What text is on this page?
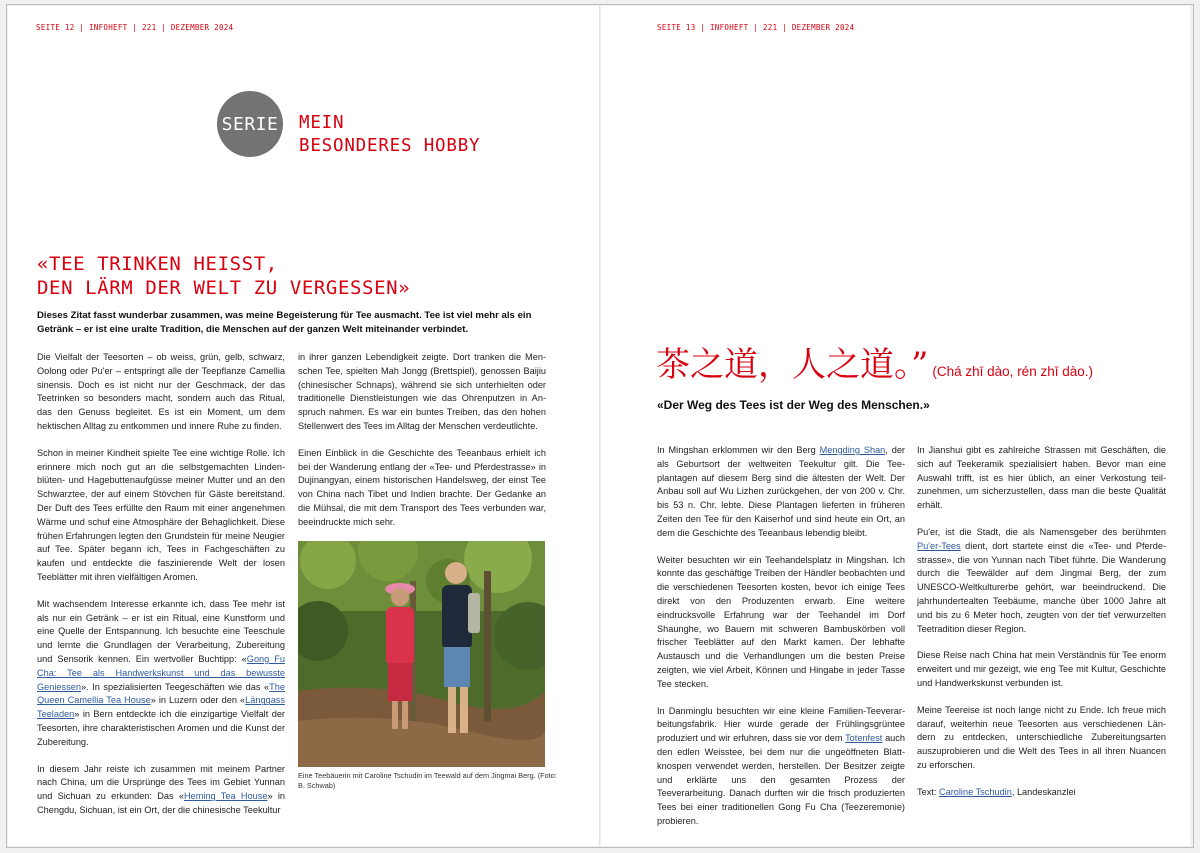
SEITE 12 | INFOHEFT | 221 | DEZEMBER 2024	SEITE 13 | INFOHEFT | 221 | DEZEMBER 2024
SERIE MEIN
BESONDERES HOBBY
«TEE TRINKEN HEISST,
DEN LÄRM DER WELT ZU VERGESSEN»
Dieses Zitat fasst wunderbar zusammen, was meine Begeisterung für Tee ausmacht. Tee ist viel mehr als ein Getränk – er ist eine uralte Tradition, die Menschen auf der ganzen Welt miteinander verbindet.

Die Vielfalt der Teesorten – ob weiss, grün, gelb, schwarz, Oolong oder Pu'er – entspringt alle der Teepflanze Camellia sinensis. Doch es ist nicht nur der Geschmack, der das Teetrinken so besonders macht, sondern auch das Ritual, das den Genuss begleitet. Es ist ein Moment, um dem hektischen Alltag zu entkommen und innere Ruhe zu finden.

Schon in meiner Kindheit spielte Tee eine wichtige Rolle. Ich erinnere mich noch gut an die selbstgemachten Lindenblüten- und Hagebuttenaufgüsse meiner Mutter und an den Schwarztee, der auf einem Stövchen für Gäste bereitstand. Der Duft des Tees erfüllte den Raum mit einer angenehmen Wärme und schuf eine Atmosphäre der Behaglichkeit. Diese frühen Erfahrungen legten den Grundstein für meine Neugier auf Tee. Später begann ich, Tees in Fachgeschäften zu kaufen und entdeckte die faszinierende Welt der losen Teeblätter mit ihren vielfältigen Aromen.

Mit wachsendem Interesse erkannte ich, dass Tee mehr ist als nur ein Getränk – er ist ein Ritual, eine Kunstform und eine Quelle der Entspannung. Ich besuchte eine Teeschule und lernte die Grundlagen der Verarbeitung, Zubereitung und Sensorik kennen. Ein wertvoller Buchtipp: «Gong Fu Cha: Tee als Handwerkskunst und das bewusste Geniessen». In spezialisierten Teegeschäften wie das «The Queen Camellia Tea House» in Luzern oder den «Länggass Teeladen» in Bern entdeckte ich die einzigartige Vielfalt der Teesorten, ihre charakteristischen Aromen und die Kunst der Zubereitung.

In diesem Jahr reiste ich zusammen mit meinem Partner nach China, um die Ursprünge des Tees im Gebiet Yunnan und Sichuan zu erkunden: Das «Heming Tea House» in Chengdu, Sichuan, ist ein Ort, der die chinesische Teekultur

in ihrer ganzen Lebendigkeit zeigte. Dort tranken die Menschen Tee, spielten Mah Jongg (Brettspiel), genossen Baijiu (chinesischer Schnaps), während sie sich unterhielten oder traditionelle Dienstleistungen wie das Ohrenputzen in Anspruch nahmen. Es war ein buntes Treiben, das den hohen Stellenwert des Tees im Alltag der Menschen verdeutlichte.

Einen Einblick in die Geschichte des Teeanbaus erhielt ich bei der Wanderung entlang der «Tee- und Pferdestrasse» in Dujinangyan, einem historischen Handelsweg, der einst Tee von China nach Tibet und Indien brachte. Der Gedanke an die Mühsal, die mit dem Transport des Tees verbunden war, beeindruckte mich sehr.

Eine Teebäuerin mit Caroline Tschudin im Teewald auf dem Jingmai Berg. (Foto: B. Schwab)
茶之道，人之道。” (Chá zhī dào, rén zhī dào.)
«Der Weg des Tees ist der Weg des Menschen.»

In Mingshan erklommen wir den Berg Mengding Shan, der als Geburtsort der weltweiten Teekultur gilt. Die Teeplantagen auf diesem Berg sind die ältesten der Welt. Der Anbau soll auf Wu Lizhen zurückgehen, der von 200 v. Chr. bis 53 n. Chr. lebte. Diese Plantagen lieferten in früheren Zeiten den Tee für den Kaiserhof und sind heute ein Ort, an dem die Geschichte des Teeanbaus lebendig bleibt.

Weiter besuchten wir ein Teehandelsplatz in Mingshan. Ich konnte das geschäftige Treiben der Händler beobachten und die verschiedenen Teesorten kosten, bevor ich einige Tees direkt von den Produzenten erwarb. Eine weitere eindrucksvolle Erfahrung war der Teehandel im Dorf Shaunghe, wo Bauern mit schweren Bambuskörben voll frischer Teeblätter auf den Markt kamen. Der lebhafte Austausch und die Verhandlungen um die besten Preise zeigten, wie viel Arbeit, Können und Hingabe in jeder Tasse Tee stecken.

In Danminglu besuchten wir eine kleine Familien-Teeverarbeitungsfabrik. Hier wurde gerade der Frühlingsgrüntee produziert und wir erfuhren, dass sie vor dem Totenfest auch den edlen Weisstee, bei dem nur die ungeöffneten Blattknospen verwendet werden, herstellen. Der Besitzer zeigte und erklärte uns den gesamten Prozess der Teeverarbeitung. Danach durften wir die frisch produzierten Tees bei einer traditionellen Gong Fu Cha (Teezeremonie) probieren.

In Jianshui gibt es zahlreiche Strassen mit Geschäften, die sich auf Teekeramik spezialisiert haben. Bevor man eine Auswahl trifft, ist es hier üblich, an einer Verkostung teilzunehmen, um sicherzustellen, dass man die beste Qualität erhält.

Pu'er, ist die Stadt, die als Namensgeber des berühmten Pu'er-Tees dient, dort startete einst die «Tee- und Pferdestrasse», die von Yunnan nach Tibet führte. Die Wanderung durch die Teewälder auf dem Jingmai Berg, der zum UNESCO-Weltkulturerbe gehört, war beeindruckend. Die jahrhundertealten Teebäume, manche über 1000 Jahre alt und bis zu 6 Meter hoch, zeugten von der tief verwurzelten Teetradition dieser Region.

Diese Reise nach China hat mein Verständnis für Tee enorm erweitert und mir gezeigt, wie eng Tee mit Kultur, Geschichte und Handwerkskunst verbunden ist.

Meine Teereise ist noch lange nicht zu Ende. Ich freue mich darauf, weiterhin neue Teesorten aus verschiedenen Ländern zu entdecken, unterschiedliche Zubereitungsarten auszuprobieren und die Welt des Tees in all ihren Nuancen zu erforschen.

Text: Caroline Tschudin, Landeskanzlei
